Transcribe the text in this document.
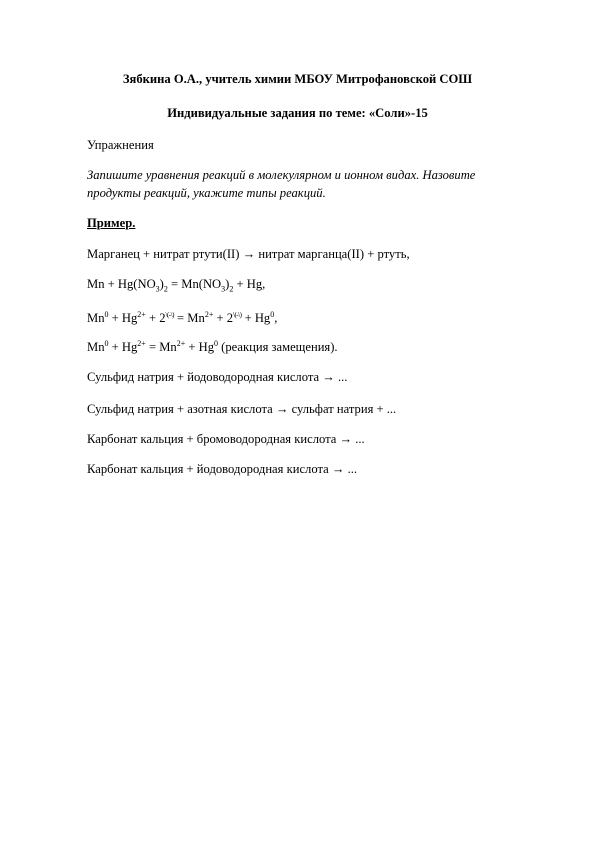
Зябкина О.А., учитель химии МБОУ Митрофановской СОШ
Индивидуальные задания по теме: «Соли»-15
Упражнения
Запишите уравнения реакций в молекулярном и ионном видах. Назовите
продукты реакций, укажите типы реакций.
Пример.
Марганец + нитрат ртути(II) → нитрат марганца(II) + ртуть,
$Mn + Hg(NO_3)_2 = Mn(NO_3)_2 + Hg$,
$Mn^0 + Hg^{2+} + 2^{\backslash(-\backslash)} = Mn^{2+} + 2^{\backslash(-\backslash)} + Hg^0$,
$Mn^0 + Hg^{2+} = Mn^{2+} + Hg^0$ (реакция замещения).
Сульфид натрия + йодоводородная кислота → ...
Сульфид натрия + азотная кислота → сульфат натрия + ...
Карбонат кальция + бромоводородная кислота → ...
Карбонат кальция + йодоводородная кислота → ...
